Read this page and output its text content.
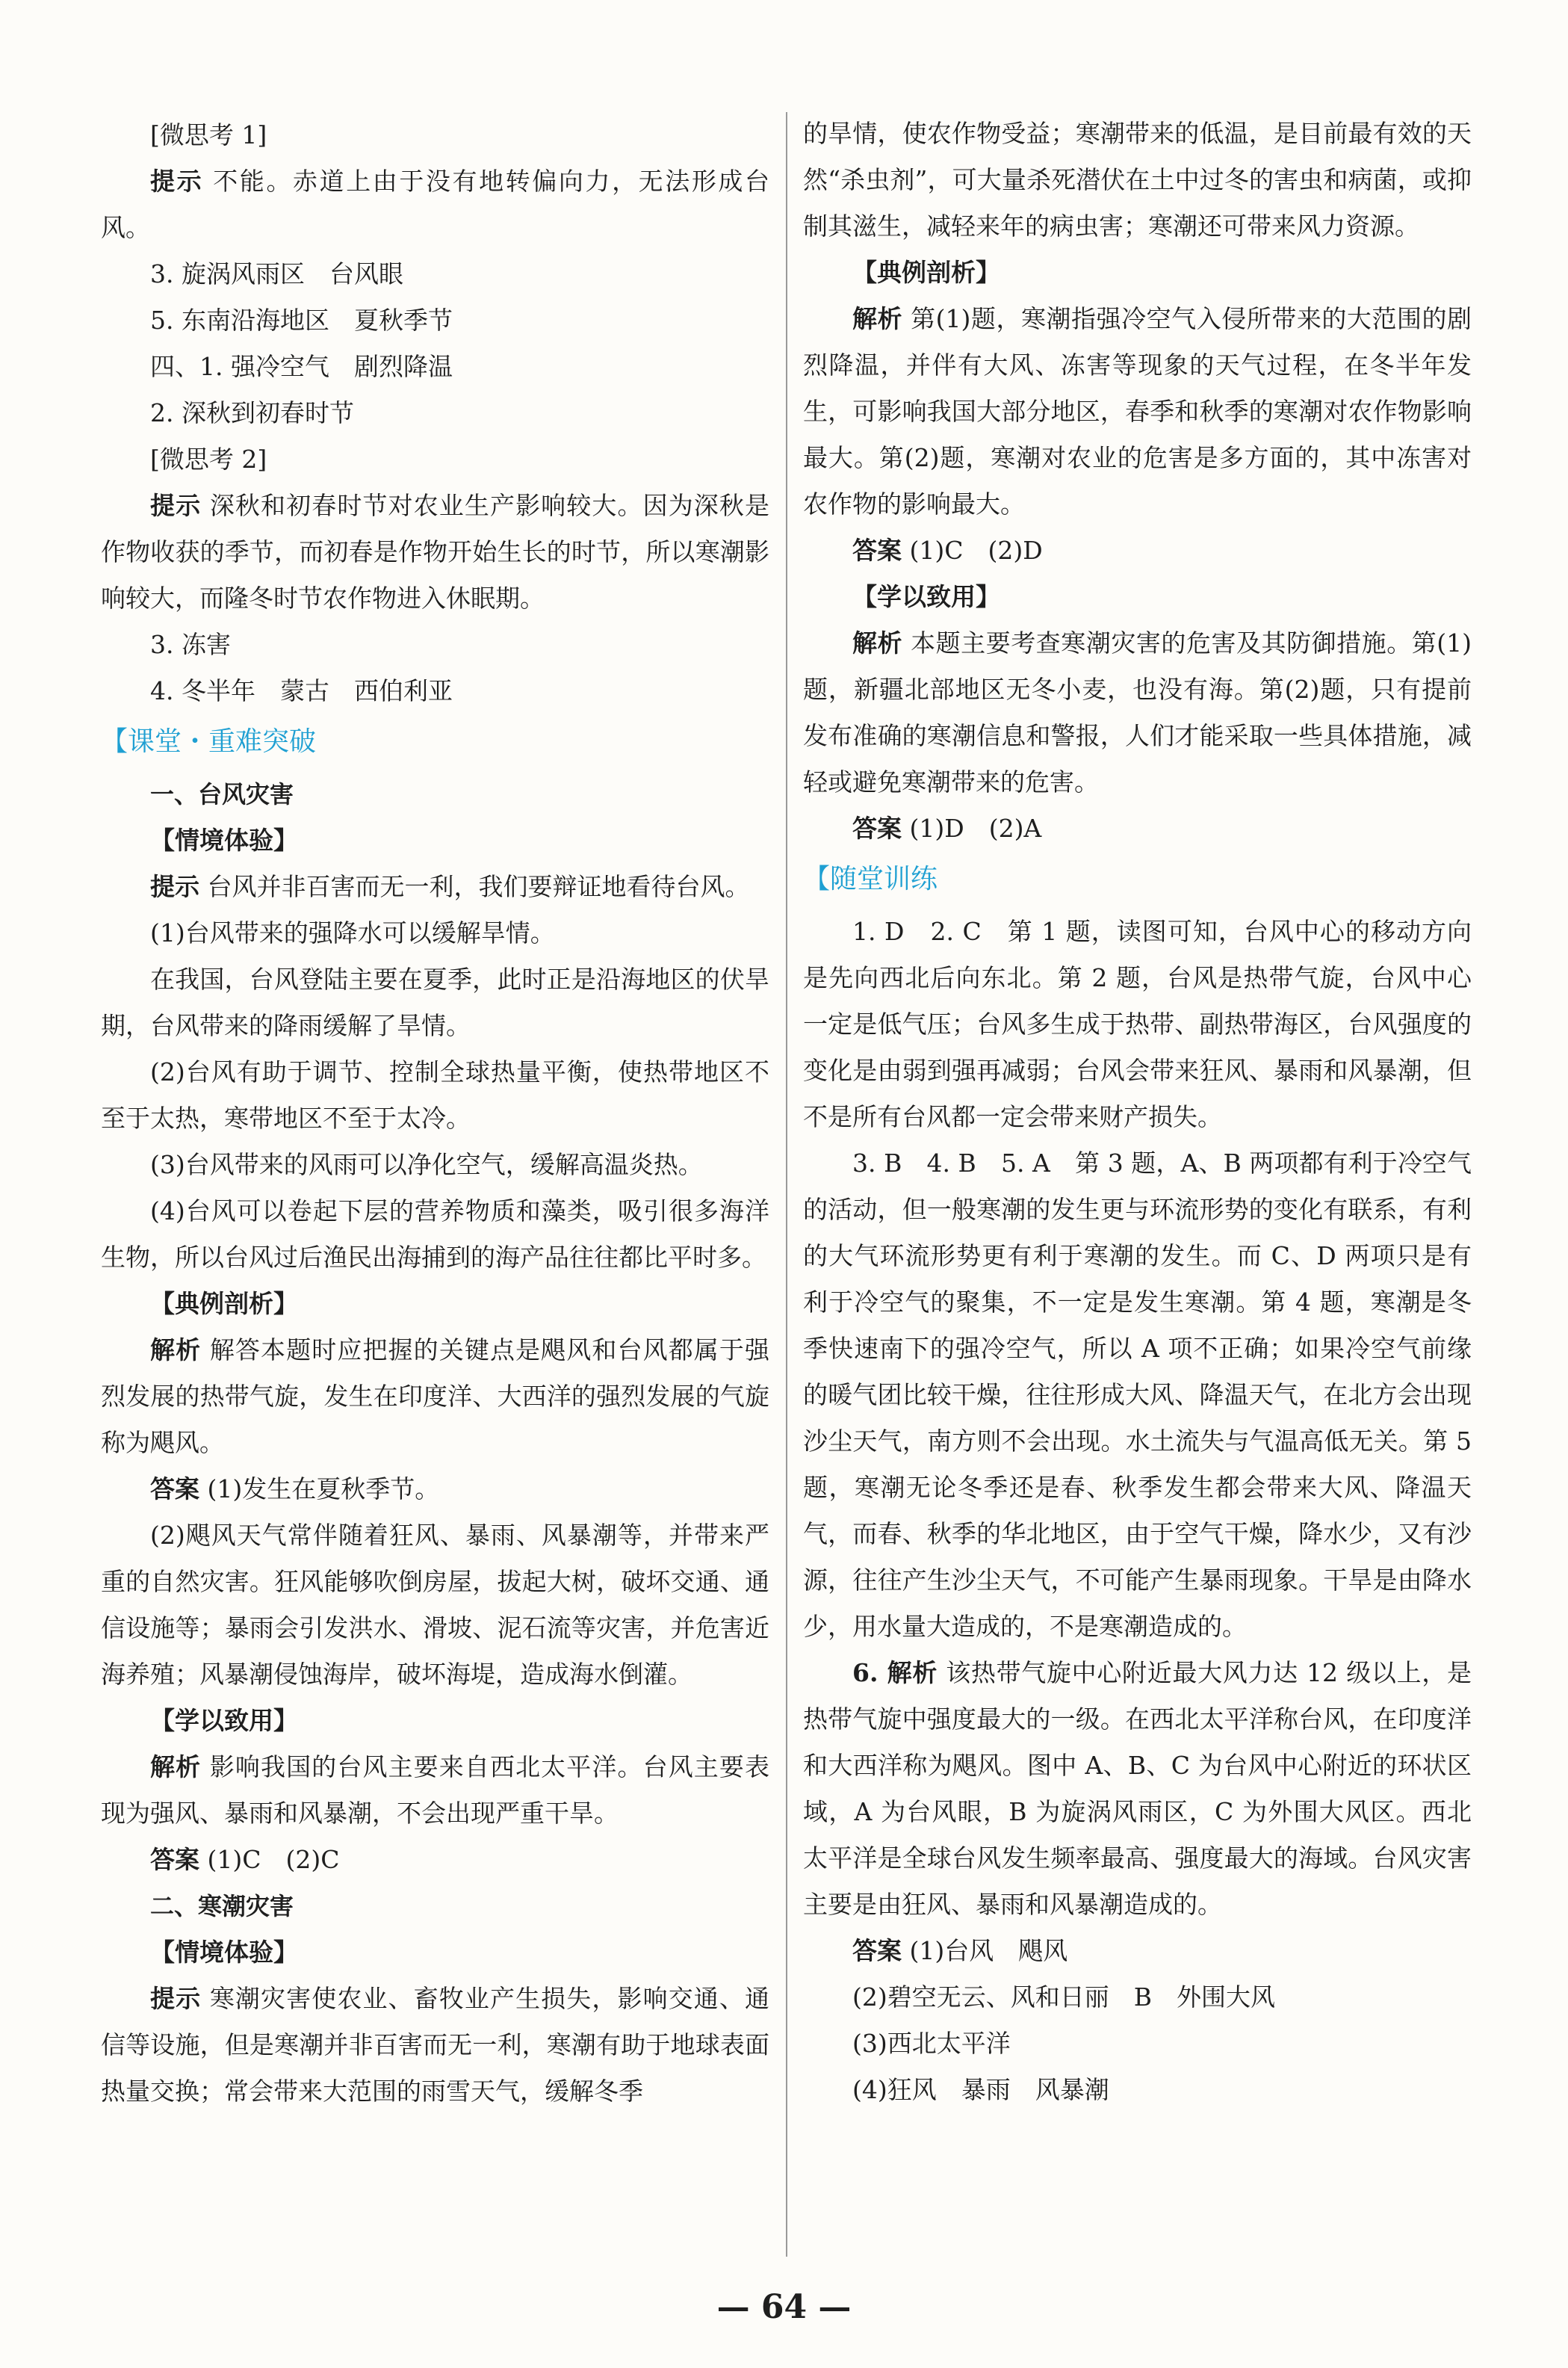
[微思考 1]

提示 不能。赤道上由于没有地转偏向力，无法形成台风。

3. 旋涡风雨区　台风眼

5. 东南沿海地区　夏秋季节

四、1. 强冷空气　剧烈降温

2. 深秋到初春时节

[微思考 2]

提示 深秋和初春时节对农业生产影响较大。因为深秋是作物收获的季节，而初春是作物开始生长的时节，所以寒潮影响较大，而隆冬时节农作物进入休眠期。

3. 冻害

4. 冬半年　蒙古　西伯利亚

【课堂・重难突破

一、台风灾害

【情境体验】

提示 台风并非百害而无一利，我们要辩证地看待台风。

(1)台风带来的强降水可以缓解旱情。

在我国，台风登陆主要在夏季，此时正是沿海地区的伏旱期，台风带来的降雨缓解了旱情。

(2)台风有助于调节、控制全球热量平衡，使热带地区不至于太热，寒带地区不至于太冷。

(3)台风带来的风雨可以净化空气，缓解高温炎热。

(4)台风可以卷起下层的营养物质和藻类，吸引很多海洋生物，所以台风过后渔民出海捕到的海产品往往都比平时多。

【典例剖析】

解析 解答本题时应把握的关键点是飓风和台风都属于强烈发展的热带气旋，发生在印度洋、大西洋的强烈发展的气旋称为飓风。

答案 (1)发生在夏秋季节。

(2)飓风天气常伴随着狂风、暴雨、风暴潮等，并带来严重的自然灾害。狂风能够吹倒房屋，拔起大树，破坏交通、通信设施等；暴雨会引发洪水、滑坡、泥石流等灾害，并危害近海养殖；风暴潮侵蚀海岸，破坏海堤，造成海水倒灌。

【学以致用】

解析 影响我国的台风主要来自西北太平洋。台风主要表现为强风、暴雨和风暴潮，不会出现严重干旱。

答案 (1)C　(2)C

二、寒潮灾害

【情境体验】

提示 寒潮灾害使农业、畜牧业产生损失，影响交通、通信等设施，但是寒潮并非百害而无一利，寒潮有助于地球表面热量交换；常会带来大范围的雨雪天气，缓解冬季

的旱情，使农作物受益；寒潮带来的低温，是目前最有效的天然“杀虫剂”，可大量杀死潜伏在土中过冬的害虫和病菌，或抑制其滋生，减轻来年的病虫害；寒潮还可带来风力资源。

【典例剖析】

解析 第(1)题，寒潮指强冷空气入侵所带来的大范围的剧烈降温，并伴有大风、冻害等现象的天气过程，在冬半年发生，可影响我国大部分地区，春季和秋季的寒潮对农作物影响最大。第(2)题，寒潮对农业的危害是多方面的，其中冻害对农作物的影响最大。

答案 (1)C　(2)D

【学以致用】

解析 本题主要考查寒潮灾害的危害及其防御措施。第(1)题，新疆北部地区无冬小麦，也没有海。第(2)题，只有提前发布准确的寒潮信息和警报，人们才能采取一些具体措施，减轻或避免寒潮带来的危害。

答案 (1)D　(2)A

【随堂训练

1. D　2. C　第 1 题，读图可知，台风中心的移动方向是先向西北后向东北。第 2 题，台风是热带气旋，台风中心一定是低气压；台风多生成于热带、副热带海区，台风强度的变化是由弱到强再减弱；台风会带来狂风、暴雨和风暴潮，但不是所有台风都一定会带来财产损失。

3. B　4. B　5. A　第 3 题，A、B 两项都有利于冷空气的活动，但一般寒潮的发生更与环流形势的变化有联系，有利的大气环流形势更有利于寒潮的发生。而 C、D 两项只是有利于冷空气的聚集，不一定是发生寒潮。第 4 题，寒潮是冬季快速南下的强冷空气，所以 A 项不正确；如果冷空气前缘的暖气团比较干燥，往往形成大风、降温天气，在北方会出现沙尘天气，南方则不会出现。水土流失与气温高低无关。第 5 题，寒潮无论冬季还是春、秋季发生都会带来大风、降温天气，而春、秋季的华北地区，由于空气干燥，降水少，又有沙源，往往产生沙尘天气，不可能产生暴雨现象。干旱是由降水少，用水量大造成的，不是寒潮造成的。

6. 解析 该热带气旋中心附近最大风力达 12 级以上，是热带气旋中强度最大的一级。在西北太平洋称台风，在印度洋和大西洋称为飓风。图中 A、B、C 为台风中心附近的环状区域，A 为台风眼，B 为旋涡风雨区，C 为外围大风区。西北太平洋是全球台风发生频率最高、强度最大的海域。台风灾害主要是由狂风、暴雨和风暴潮造成的。

答案 (1)台风　飓风

(2)碧空无云、风和日丽　B　外围大风

(3)西北太平洋

(4)狂风　暴雨　风暴潮

— 64 —
